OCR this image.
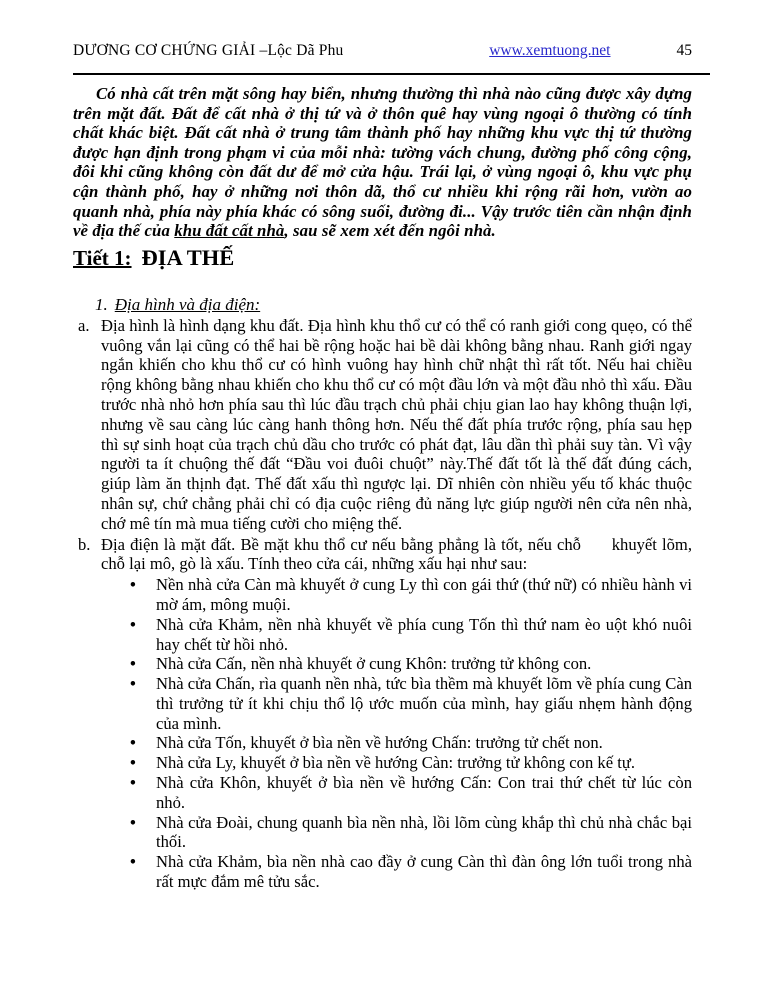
DƯƠNG CƠ CHỨNG GIẢI –Lộc Dã Phu	www.xemtuong.net	45

Có nhà cất trên mặt sông hay biển, nhưng thường thì nhà nào cũng được xây dựng trên mặt đất. Đất để cất nhà ở thị tứ và ở thôn quê hay vùng ngoại ô thường có tính chất khác biệt. Đất cất nhà ở trung tâm thành phố hay những khu vực thị tứ thường được hạn định trong phạm vi của mỗi nhà: tường vách chung, đường phố công cộng, đôi khi cũng không còn đất dư để mở cửa hậu. Trái lại, ở vùng ngoại ô, khu vực phụ cận thành phố, hay ở những nơi thôn dã, thổ cư nhiều khi rộng rãi hơn, vườn ao quanh nhà, phía này phía khác có sông suối, đường đi... Vậy trước tiên cần nhận định về địa thế của khu đất cất nhà, sau sẽ xem xét đến ngôi nhà.

Tiết 1: ĐỊA THẾ
1. Địa hình và địa điện:
a. Địa hình là hình dạng khu đất. Địa hình khu thổ cư có thể có ranh giới cong quẹo, có thể vuông vắn lại cũng có thể hai bề rộng hoặc hai bề dài không bằng nhau. Ranh giới ngay ngắn khiến cho khu thổ cư có hình vuông hay hình chữ nhật thì rất tốt. Nếu hai chiều rộng không bằng nhau khiến cho khu thổ cư có một đầu lớn và một đầu nhỏ thì xấu. Đầu trước nhà nhỏ hơn phía sau thì lúc đầu trạch chủ phải chịu gian lao hay không thuận lợi, nhưng về sau càng lúc càng hanh thông hơn. Nếu thế đất phía trước rộng, phía sau hẹp thì sự sinh hoạt của trạch chủ dầu cho trước có phát đạt, lâu dần thì phải suy tàn. Vì vậy người ta ít chuộng thế đất “Đầu voi đuôi chuột” này.Thế đất tốt là thế đất đúng cách, giúp làm ăn thịnh đạt. Thế đất xấu thì ngược lại. Dĩ nhiên còn nhiều yếu tố khác thuộc nhân sự, chứ chẳng phải chỉ có địa cuộc riêng đủ năng lực giúp người nên cửa nên nhà, chớ mê tín mà mua tiếng cười cho miệng thế.

b. Địa điện là mặt đất. Bề mặt khu thổ cư nếu bằng phẳng là tốt, nếu chỗ      khuyết lõm, chỗ lại mô, gò là xấu. Tính theo cửa cái, những xấu hại như sau:

•	Nền nhà cửa Càn mà khuyết ở cung Ly thì con gái thứ (thứ nữ) có nhiều hành vi mờ ám, mông muội.
•	Nhà cửa Khảm, nền nhà khuyết về phía cung Tốn thì thứ nam èo uột khó nuôi hay chết từ hồi nhỏ.
•	Nhà cửa Cấn, nền nhà khuyết ở cung Khôn: trưởng tử không con.
•	Nhà cửa Chấn, rìa quanh nền nhà, tức bìa thềm mà khuyết lõm về phía cung Càn thì trưởng tử ít khi chịu thổ lộ ước muốn của mình, hay giấu nhẹm hành động của mình.
•	Nhà cửa Tốn, khuyết ở bìa nền về hướng Chấn: trưởng tử chết non.
•	Nhà cửa Ly, khuyết ở bìa nền về hướng Càn: trưởng tử không con kế tự.
•	Nhà cửa Khôn, khuyết ở bìa nền về hướng Cấn: Con trai thứ chết từ lúc còn nhỏ.
•	Nhà cửa Đoài, chung quanh bìa nền nhà, lồi lõm cùng khắp thì chủ nhà chắc bại thối.
•	Nhà cửa Khảm, bìa nền nhà cao đầy ở cung Càn thì đàn ông lớn tuổi trong nhà rất mực đắm mê tửu sắc.
